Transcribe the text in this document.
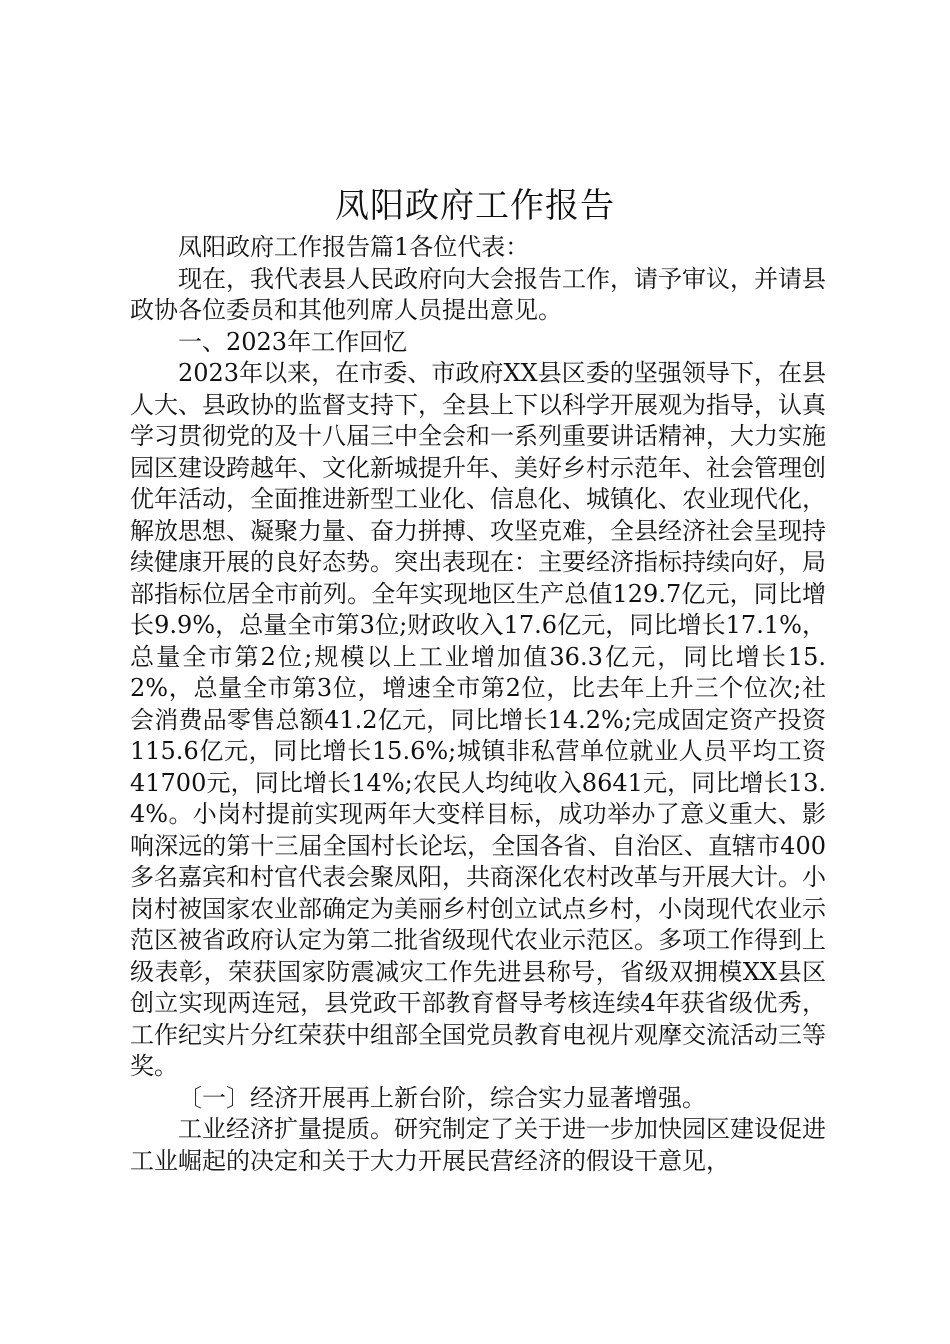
凤阳政府工作报告

凤阳政府工作报告篇1各位代表：

现在，我代表县人民政府向大会报告工作，请予审议，并请县政协各位委员和其他列席人员提出意见。

一、2023年工作回忆

2023年以来，在市委、市政府XX县区委的坚强领导下，在县人大、县政协的监督支持下，全县上下以科学开展观为指导，认真学习贯彻党的及十八届三中全会和一系列重要讲话精神，大力实施园区建设跨越年、文化新城提升年、美好乡村示范年、社会管理创优年活动，全面推进新型工业化、信息化、城镇化、农业现代化，解放思想、凝聚力量、奋力拼搏、攻坚克难，全县经济社会呈现持续健康开展的良好态势。突出表现在：主要经济指标持续向好，局部指标位居全市前列。全年实现地区生产总值129.7亿元，同比增长9.9%，总量全市第3位;财政收入17.6亿元，同比增长17.1%，总量全市第2位;规模以上工业增加值36.3亿元，同比增长15.2%，总量全市第3位，增速全市第2位，比去年上升三个位次;社会消费品零售总额41.2亿元，同比增长14.2%;完成固定资产投资115.6亿元，同比增长15.6%;城镇非私营单位就业人员平均工资41700元，同比增长14%;农民人均纯收入8641元，同比增长13.4%。小岗村提前实现两年大变样目标，成功举办了意义重大、影响深远的第十三届全国村长论坛，全国各省、自治区、直辖市400多名嘉宾和村官代表会聚凤阳，共商深化农村改革与开展大计。小岗村被国家农业部确定为美丽乡村创立试点乡村，小岗现代农业示范区被省政府认定为第二批省级现代农业示范区。多项工作得到上级表彰，荣获国家防震减灾工作先进县称号，省级双拥模XX县区创立实现两连冠，县党政干部教育督导考核连续4年获省级优秀，工作纪实片分红荣获中组部全国党员教育电视片观摩交流活动三等奖。

〔一〕经济开展再上新台阶，综合实力显著增强。

工业经济扩量提质。研究制定了关于进一步加快园区建设促进工业崛起的决定和关于大力开展民营经济的假设干意见，
